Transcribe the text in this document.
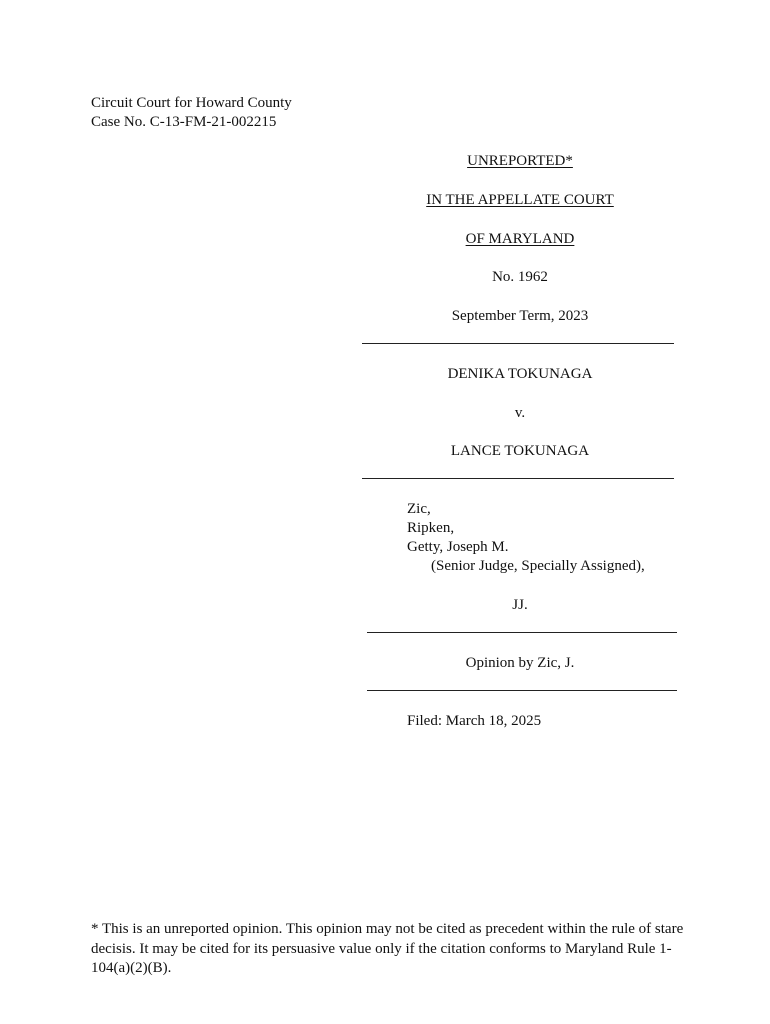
Circuit Court for Howard County
Case No. C-13-FM-21-002215
UNREPORTED*
IN THE APPELLATE COURT
OF MARYLAND
No. 1962
September Term, 2023
DENIKA TOKUNAGA
v.
LANCE TOKUNAGA
Zic,
Ripken,
Getty, Joseph M.
(Senior Judge, Specially Assigned),
JJ.
Opinion by Zic, J.
Filed: March 18, 2025
* This is an unreported opinion. This opinion may not be cited as precedent within the rule of stare decisis. It may be cited for its persuasive value only if the citation conforms to Maryland Rule 1-104(a)(2)(B).
